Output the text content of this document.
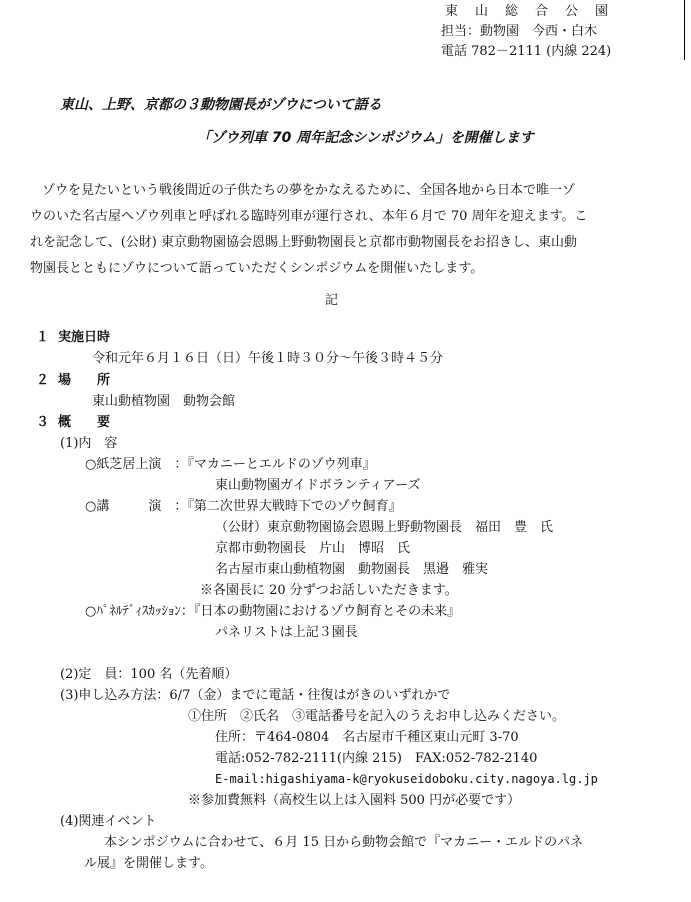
東　山　総　合　公　園
担当：動物園　今西・白木
電話 782－2111 (内線 224)
東山、上野、京都の３動物園長がゾウについて語る
「ゾウ列車 70 周年記念シンポジウム」を開催します
ゾウを見たいという戦後間近の子供たちの夢をかなえるために、全国各地から日本で唯一ゾ
ウのいた名古屋へゾウ列車と呼ばれる臨時列車が運行され、本年６月で 70 周年を迎えます。こ
れを記念して、(公財) 東京動物園協会恩賜上野動物園長と京都市動物園長をお招きし、東山動
物園長とともにゾウについて語っていただくシンポジウムを開催いたします。
記
１ 実施日時
令和元年６月１６日（日）午後１時３０分～午後３時４５分
２ 場　　所
東山動植物園　動物会館
３ 概　　要
(1)内　容
○紙芝居上演　：『マカニーとエルドのゾウ列車』
東山動物園ガイドボランティアーズ
○講　　　演　：『第二次世界大戦時下でのゾウ飼育』
（公財）東京動物園協会恩賜上野動物園長　福田　豊　氏
京都市動物園長　片山　博昭　氏
名古屋市東山動植物園　動物園長　黒邉　雅実
※各園長に 20 分ずつお話しいただきます。
○ﾊﾟﾈﾙﾃﾞｨｽｶｯｼｮﾝ：『日本の動物園におけるゾウ飼育とその未来』
パネリストは上記３園長
(2)定　員：100 名（先着順）
(3)申し込み方法：6/7（金）までに電話・往復はがきのいずれかで
①住所　②氏名　③電話番号を記入のうえお申し込みください。
住所：〒464-0804　名古屋市千種区東山元町 3-70
電話:052-782-2111(内線 215)　FAX:052-782-2140
E-mail:higashiyama-k@ryokuseidoboku.city.nagoya.lg.jp
※参加費無料（高校生以上は入園料 500 円が必要です）
(4)関連イベント
本シンポジウムに合わせて、６月 15 日から動物会館で『マカニー・エルドのパネ
ル展』を開催します。
